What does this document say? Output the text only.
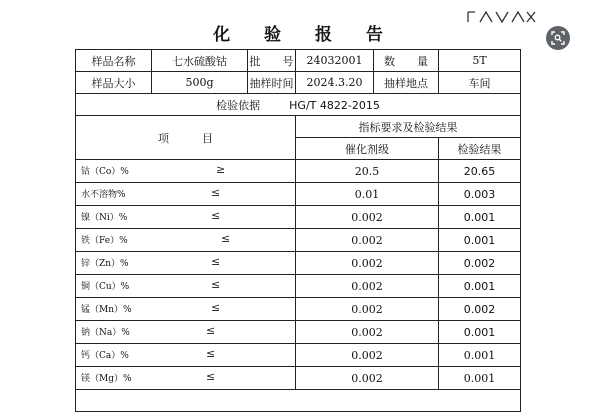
化 验 报 告
样品名称	七水硫酸钴	批　　号	24032001	数　　量	5T
样品大小	500g	抽样时间	2024.3.20	抽样地点	车间
检验依据 HG/T 4822-2015					
项　　　目			指标要求及检验结果		
			催化剂级		检验结果

钴（Co）% ≥			20.5		20.65

水不溶物% ≤			0.01		0.003

镍（Ni）% ≤			0.002		0.001

铁（Fe）% ≤			0.002		0.001

锌（Zn）% ≤			0.002		0.002

铜（Cu）% ≤			0.002		0.001

锰（Mn）% ≤			0.002		0.002

钠（Na）% ≤			0.002		0.001

钙（Ca）% ≤			0.002		0.001

镁（Mg）% ≤			0.002		0.001
